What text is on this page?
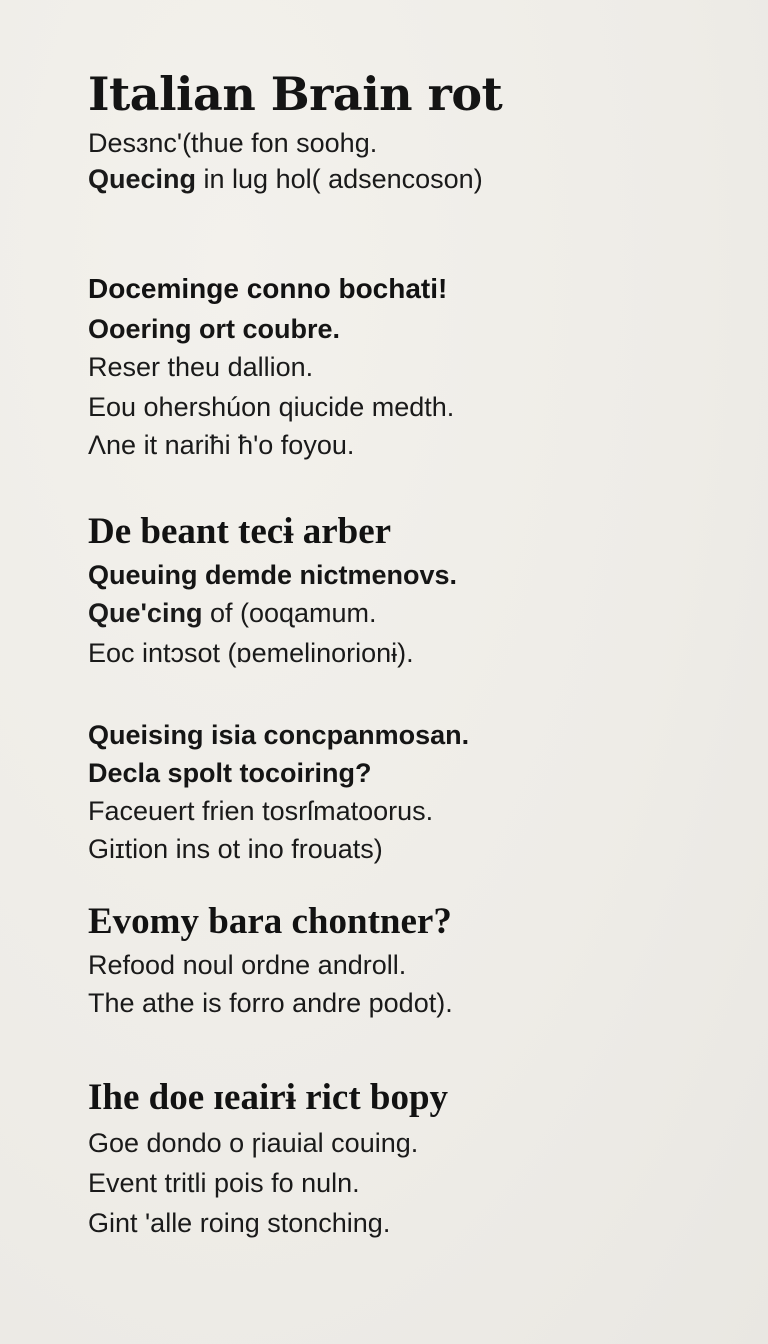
Italian Brain rot

Desɜnc'(thue fon soohg.

Quecing in lug hol( adsencoson)

Doceminge conno bochati!

Ooering ort coubre.

Reser theu dallion.

Eou ohershúon qiucide medth.

Ʌne it nariħi ħ'o foyou.

De beant tecɨ arber

Queuing demde nictmenovs.

Que'cing of (ooɋamum.

Eoc intɔsot (ɒemelinorionɨ).

Queising isia concpanmosan.

Decla spolt tocoiring?

Faceuert frien tosrſmatoorus.

Giɪtion ins ot ino frouats)

Evomy bara chontner?

Refood noul ordne androll.

The athe is forro andre podot).

Ihe doe ɪeairɨ rict bopy

Goe dondo o ɼiauial couing.

Event tritli pois fo nuln.

Gint 'alle roing stonching.
